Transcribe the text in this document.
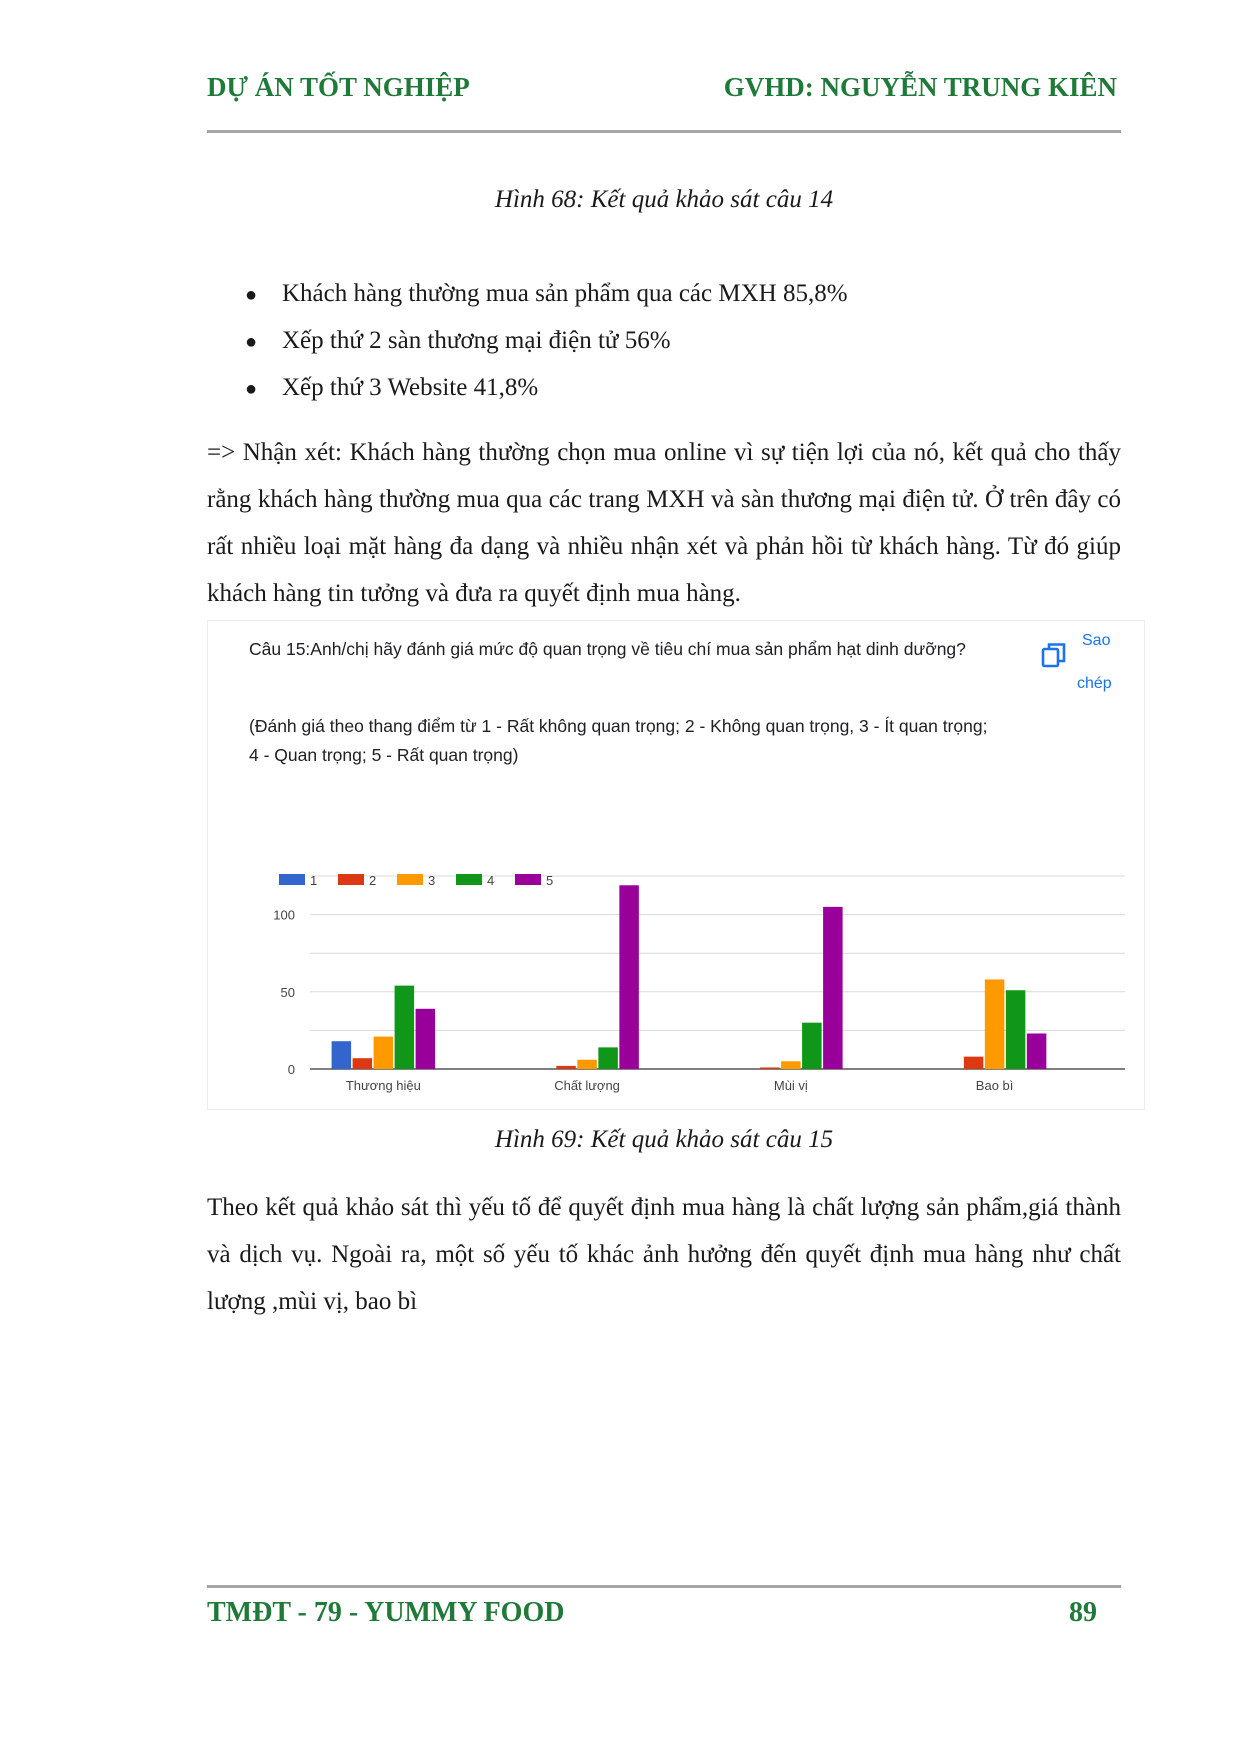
DỰ ÁN TỐT NGHIỆP	GVHD: NGUYỄN TRUNG KIÊN
Hình 68: Kết quả khảo sát câu 14
● Khách hàng thường mua sản phẩm qua các MXH 85,8%
● Xếp thứ 2 sàn thương mại điện tử 56%
● Xếp thứ 3 Website 41,8%

=> Nhận xét: Khách hàng thường chọn mua online vì sự tiện lợi của nó, kết quả cho thấy rằng khách hàng thường mua qua các trang MXH và sàn thương mại điện tử. Ở trên đây có rất nhiều loại mặt hàng đa dạng và nhiều nhận xét và phản hồi từ khách hàng. Từ đó giúp khách hàng tin tưởng và đưa ra quyết định mua hàng.

Câu 15:Anh/chị hãy đánh giá mức độ quan trọng về tiêu chí mua sản phẩm hạt dinh dưỡng?
(Đánh giá theo thang điểm từ 1 - Rất không quan trọng; 2 - Không quan trọng, 3 - Ít quan trọng; 4 - Quan trọng; 5 - Rất quan trọng)
Sao
chép
0
50
100
Thương hiệu	Chất lượng	Mùi vị	Bao bì
1	2	3	4	5
Hình 69: Kết quả khảo sát câu 15

Theo kết quả khảo sát thì yếu tố để quyết định mua hàng là chất lượng sản phẩm,giá thành và dịch vụ. Ngoài ra, một số yếu tố khác ảnh hưởng đến quyết định mua hàng như chất lượng ,mùi vị, bao bì

TMĐT - 79 - YUMMY FOOD	89
